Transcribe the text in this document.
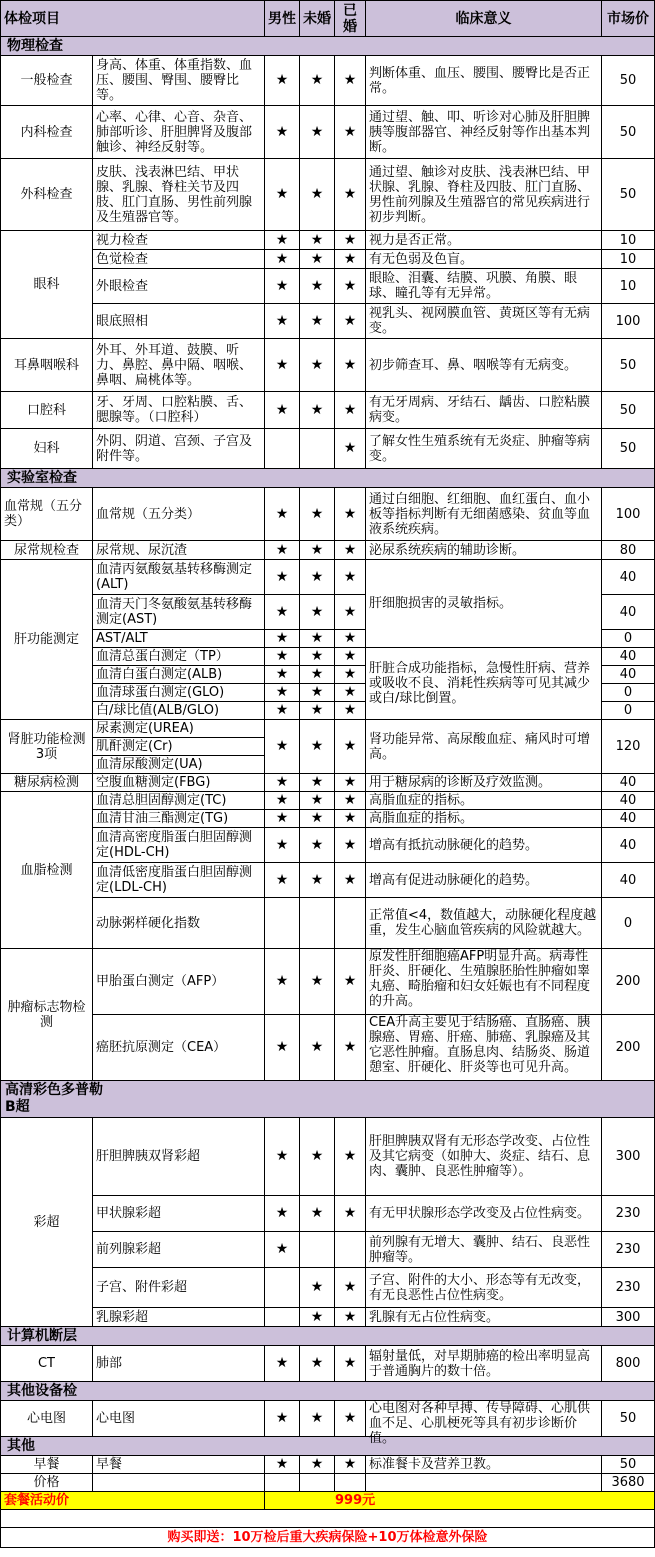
体检项目		男性	未婚	已婚	临床意义	市场价
物理检查						
一般检查	身高、体重、体重指数、血压、腰围、臀围、腰臀比等。	★	★	★	判断体重、血压、腰围、腰臀比是否正常。	50
内科检查	心率、心律、心音、杂音、肺部听诊、肝胆脾肾及腹部触诊、神经反射等。	★	★	★	通过望、触、叩、听诊对心肺及肝胆脾胰等腹部器官、神经反射等作出基本判断。	50
外科检查	皮肤、浅表淋巴结、甲状腺、乳腺、脊柱关节及四肢、肛门直肠、男性前列腺及生殖器官等。	★	★	★	通过望、触诊对皮肤、浅表淋巴结、甲状腺、乳腺、脊柱及四肢、肛门直肠、男性前列腺及生殖器官的常见疾病进行初步判断。	50
眼科	视力检查	★	★	★	视力是否正常。	10
	色觉检查	★	★	★	有无色弱及色盲。	10
	外眼检查	★	★	★	眼睑、泪囊、结膜、巩膜、角膜、眼球、瞳孔等有无异常。	10
	眼底照相	★	★	★	视乳头、视网膜血管、黄斑区等有无病变。	100
耳鼻咽喉科	外耳、外耳道、鼓膜、听力、鼻腔、鼻中隔、咽喉、鼻咽、扁桃体等。	★	★	★	初步筛查耳、鼻、咽喉等有无病变。	50
口腔科	牙、牙周、口腔粘膜、舌、腮腺等。（口腔科）	★	★	★	有无牙周病、牙结石、龋齿、口腔粘膜病变。	50
妇科	外阴、阴道、宫颈、子宫及附件等。			★	了解女性生殖系统有无炎症、肿瘤等病变。	50
实验室检查						
血常规（五分类）	血常规（五分类）	★	★	★	通过白细胞、红细胞、血红蛋白、血小板等指标判断有无细菌感染、贫血等血液系统疾病。	100
尿常规检查	尿常规、尿沉渣	★	★	★	泌尿系统疾病的辅助诊断。	80
肝功能测定	血清丙氨酸氨基转移酶测定(ALT)	★	★	★	肝细胞损害的灵敏指标。	40
	血清天门冬氨酸氨基转移酶测定(AST)	★	★	★		40
	AST/ALT	★	★	★		0
	血清总蛋白测定（TP）	★	★	★	肝脏合成功能指标，急慢性肝病、营养或吸收不良、消耗性疾病等可见其减少或白/球比倒置。	40
	血清白蛋白测定(ALB)	★	★	★		40
	血清球蛋白测定(GLO)	★	★	★		0
	白/球比值(ALB/GLO)	★	★	★		0
肾脏功能检测3项	尿素测定(UREA)	★	★	★	肾功能异常、高尿酸血症、痛风时可增高。	120
	肌酐测定(Cr)					
	血清尿酸测定(UA)					
糖尿病检测	空腹血糖测定(FBG)	★	★	★	用于糖尿病的诊断及疗效监测。	40
血脂检测	血清总胆固醇测定(TC)	★	★	★	高脂血症的指标。	40
	血清甘油三酯测定(TG)	★	★	★	高脂血症的指标。	40
	血清高密度脂蛋白胆固醇测定(HDL-CH)	★	★	★	增高有抵抗动脉硬化的趋势。	40
	血清低密度脂蛋白胆固醇测定(LDL-CH)	★	★	★	增高有促进动脉硬化的趋势。	40
	动脉粥样硬化指数				正常值<4，数值越大，动脉硬化程度越重，发生心脑血管疾病的风险就越大。	0
肿瘤标志物检测	甲胎蛋白测定（AFP）	★	★	★	原发性肝细胞癌AFP明显升高。病毒性肝炎、肝硬化、生殖腺胚胎性肿瘤如睾丸癌、畸胎瘤和妇女妊娠也有不同程度的升高。	200
	癌胚抗原测定（CEA）	★	★	★	CEA升高主要见于结肠癌、直肠癌、胰腺癌、胃癌、肝癌、肺癌、乳腺癌及其它恶性肿瘤。直肠息肉、结肠炎、肠道憩室、肝硬化、肝炎等也可见升高。	200

高清彩色多普勒B超						

彩超	肝胆脾胰双肾彩超	★	★	★	肝胆脾胰双肾有无形态学改变、占位性及其它病变（如肿大、炎症、结石、息肉、囊肿、良恶性肿瘤等）。	300
	甲状腺彩超	★	★	★	有无甲状腺形态学改变及占位性病变。	230
	前列腺彩超	★			前列腺有无增大、囊肿、结石、良恶性肿瘤等。	230
	子宫、附件彩超		★	★	子宫、附件的大小、形态等有无改变，有无良恶性占位性病变。	230
	乳腺彩超		★	★	乳腺有无占位性病变。	300
计算机断层						
CT	肺部	★	★	★	辐射量低，对早期肺癌的检出率明显高于普通胸片的数十倍。	800
其他设备检						
心电图	心电图	★	★	★	心电图对各种早搏、传导障碍、心肌供血不足、心肌梗死等具有初步诊断价值。	50
其他						
早餐	早餐	★	★	★	标准餐卡及营养卫教。	50
价格						3680
套餐活动价		999元				

购买即送：10万检后重大疾病保险+10万体检意外保险						
